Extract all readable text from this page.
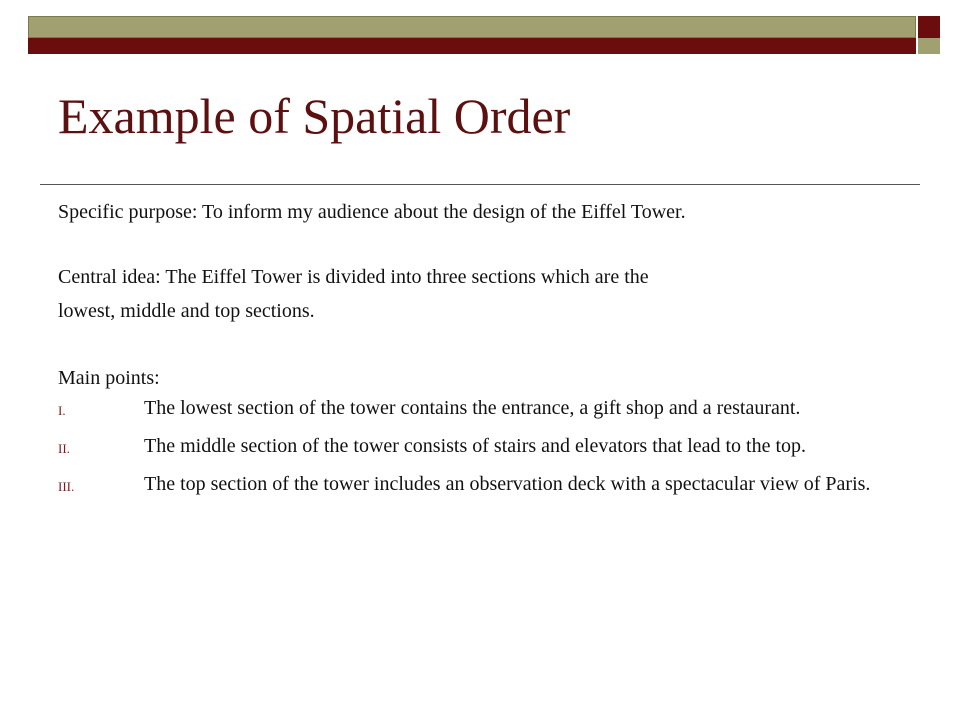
Example of Spatial Order
Specific purpose: To inform my audience about the design of the Eiffel Tower.
Central idea: The Eiffel Tower is divided into three sections which are the
lowest, middle and top sections.
Main points:
I.	The lowest section of the tower contains the entrance, a gift shop and a restaurant.
II.	The middle section of the tower consists of stairs and elevators that lead to the top.
III.	The top section of the tower includes an observation deck with a spectacular view of Paris.
